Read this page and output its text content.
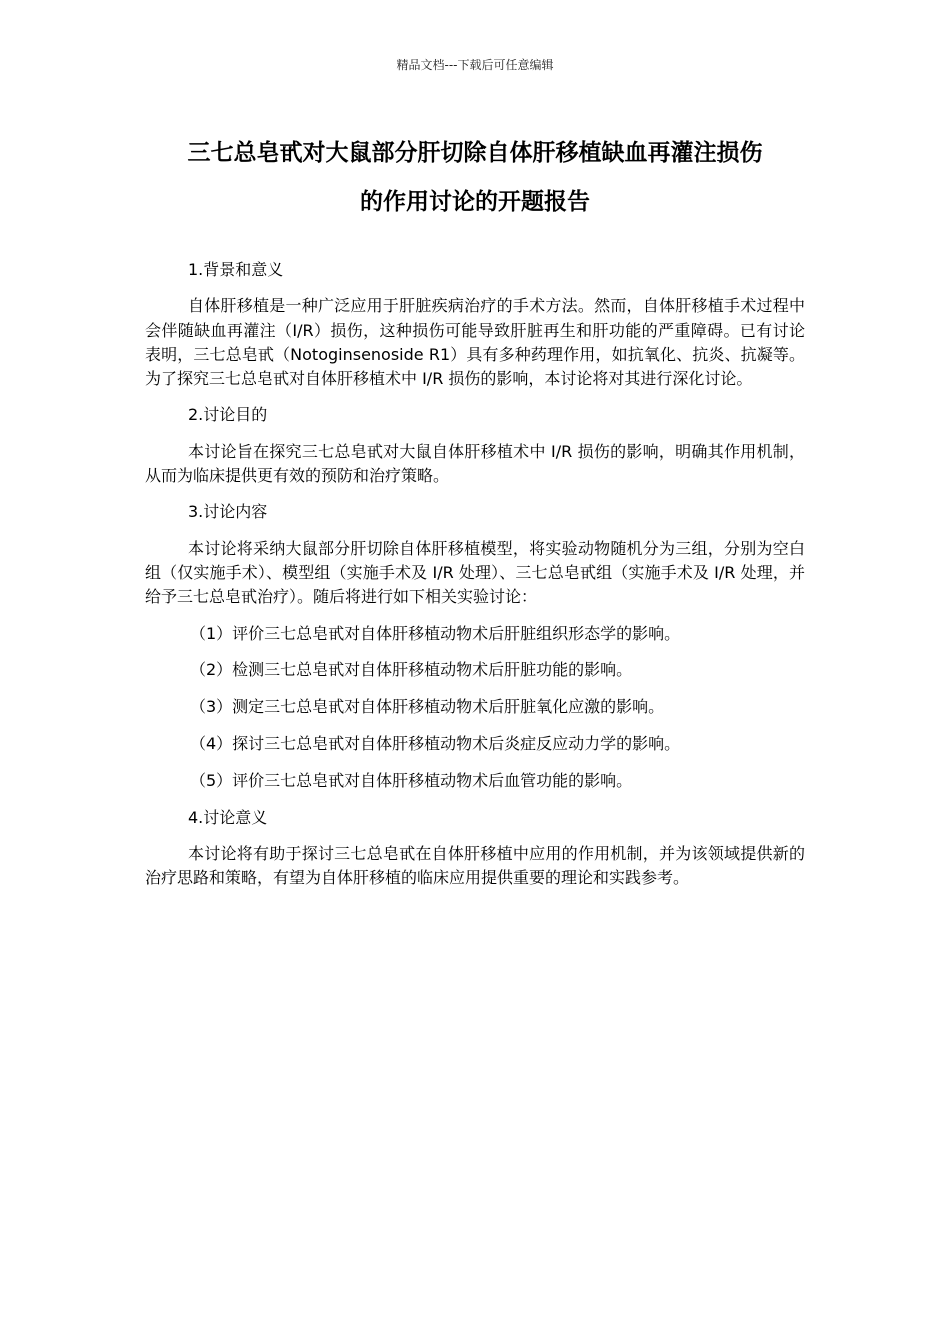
精品文档---下载后可任意编辑
三七总皂甙对大鼠部分肝切除自体肝移植缺血再灌注损伤
的作用讨论的开题报告

1.背景和意义

自体肝移植是一种广泛应用于肝脏疾病治疗的手术方法。然而，自体肝移植手术过程中会伴随缺血再灌注（I/R）损伤，这种损伤可能导致肝脏再生和肝功能的严重障碍。已有讨论表明，三七总皂甙（Notoginsenoside R1）具有多种药理作用，如抗氧化、抗炎、抗凝等。为了探究三七总皂甙对自体肝移植术中 I/R 损伤的影响，本讨论将对其进行深化讨论。

2.讨论目的

本讨论旨在探究三七总皂甙对大鼠自体肝移植术中 I/R 损伤的影响，明确其作用机制，从而为临床提供更有效的预防和治疗策略。

3.讨论内容

本讨论将采纳大鼠部分肝切除自体肝移植模型，将实验动物随机分为三组，分别为空白组（仅实施手术）、模型组（实施手术及 I/R 处理）、三七总皂甙组（实施手术及 I/R 处理，并给予三七总皂甙治疗）。随后将进行如下相关实验讨论：

（1）评价三七总皂甙对自体肝移植动物术后肝脏组织形态学的影响。

（2）检测三七总皂甙对自体肝移植动物术后肝脏功能的影响。

（3）测定三七总皂甙对自体肝移植动物术后肝脏氧化应激的影响。

（4）探讨三七总皂甙对自体肝移植动物术后炎症反应动力学的影响。

（5）评价三七总皂甙对自体肝移植动物术后血管功能的影响。

4.讨论意义

本讨论将有助于探讨三七总皂甙在自体肝移植中应用的作用机制，并为该领域提供新的治疗思路和策略，有望为自体肝移植的临床应用提供重要的理论和实践参考。
